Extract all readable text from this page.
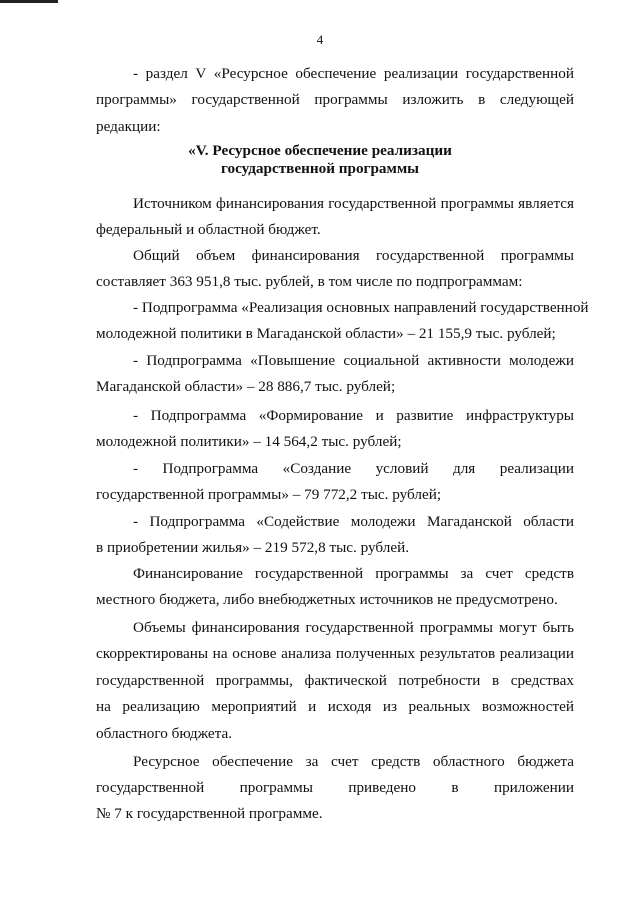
4
- раздел V «Ресурсное обеспечение реализации государственной
программы» государственной программы изложить в следующей
редакции:
«V. Ресурсное обеспечение реализации
государственной программы
Источником финансирования государственной программы является
федеральный и областной бюджет.
Общий объем финансирования государственной программы
составляет 363 951,8 тыс. рублей, в том числе по подпрограммам:
- Подпрограмма «Реализация основных направлений государственной
молодежной политики в Магаданской области» – 21 155,9 тыс. рублей;
- Подпрограмма «Повышение социальной активности молодежи
Магаданской области» – 28 886,7 тыс. рублей;
- Подпрограмма «Формирование и развитие инфраструктуры
молодежной политики» – 14 564,2 тыс. рублей;
- Подпрограмма «Создание условий для реализации
государственной программы» – 79 772,2 тыс. рублей;
- Подпрограмма «Содействие молодежи Магаданской области
в приобретении жилья» – 219 572,8 тыс. рублей.
Финансирование государственной программы за счет средств
местного бюджета, либо внебюджетных источников не предусмотрено.
Объемы финансирования государственной программы могут быть
скорректированы на основе анализа полученных результатов реализации
государственной программы, фактической потребности в средствах
на реализацию мероприятий и исходя из реальных возможностей
областного бюджета.
Ресурсное обеспечение за счет средств областного бюджета
государственной программы приведено в приложении
№ 7 к государственной программе.
